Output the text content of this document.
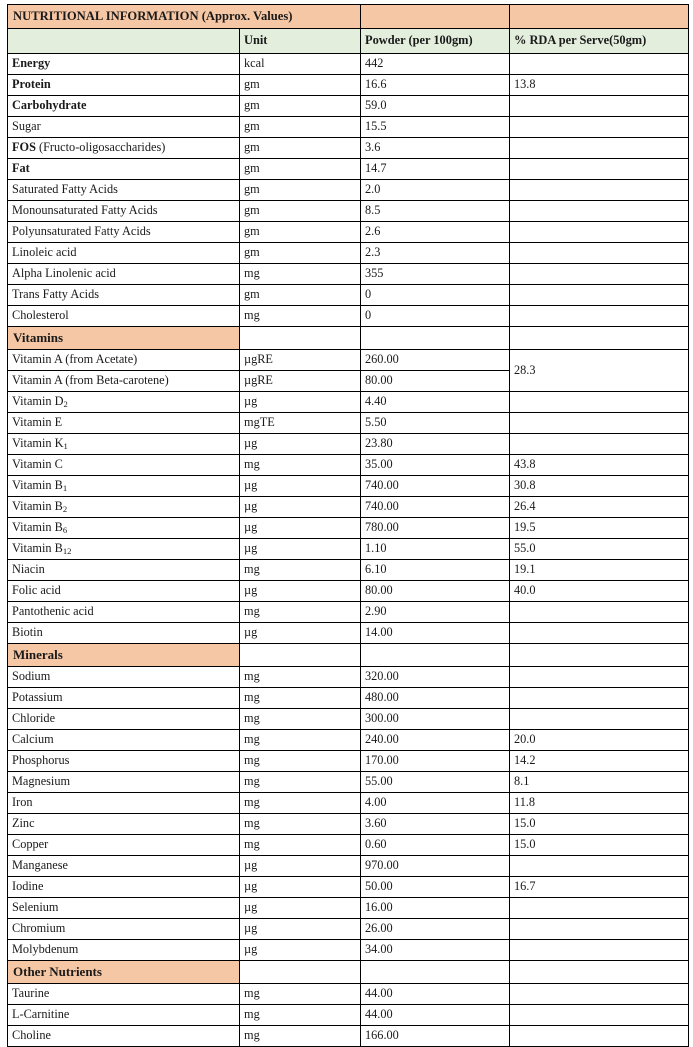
NUTRITIONAL INFORMATION (Approx. Values)			
	Unit	Powder (per 100gm)	% RDA per Serve(50gm)
Energy	kcal	442	
Protein	gm	16.6	13.8
Carbohydrate	gm	59.0	
Sugar	gm	15.5	
FOS (Fructo-oligosaccharides)	gm	3.6	
Fat	gm	14.7	
Saturated Fatty Acids	gm	2.0	
Monounsaturated Fatty Acids	gm	8.5	
Polyunsaturated Fatty Acids	gm	2.6	
Linoleic acid	gm	2.3	
Alpha Linolenic acid	mg	355	
Trans Fatty Acids	gm	0	
Cholesterol	mg	0	
Vitamins			
Vitamin A (from Acetate)	µgRE	260.00	28.3
Vitamin A (from Beta-carotene)	µgRE	80.00	
Vitamin $D_2$	µg	4.40	
Vitamin E	mgTE	5.50	
Vitamin $K_1$	µg	23.80	
Vitamin C	mg	35.00	43.8
Vitamin $B_1$	µg	740.00	30.8
Vitamin $B_2$	µg	740.00	26.4
Vitamin $B_6$	µg	780.00	19.5
Vitamin $B_{12}$	µg	1.10	55.0
Niacin	mg	6.10	19.1
Folic acid	µg	80.00	40.0
Pantothenic acid	mg	2.90	
Biotin	µg	14.00	
Minerals			
Sodium	mg	320.00	
Potassium	mg	480.00	
Chloride	mg	300.00	
Calcium	mg	240.00	20.0
Phosphorus	mg	170.00	14.2
Magnesium	mg	55.00	8.1
Iron	mg	4.00	11.8
Zinc	mg	3.60	15.0
Copper	mg	0.60	15.0
Manganese	µg	970.00	
Iodine	µg	50.00	16.7
Selenium	µg	16.00	
Chromium	µg	26.00	
Molybdenum	µg	34.00	
Other Nutrients			
Taurine	mg	44.00	
L-Carnitine	mg	44.00	
Choline	mg	166.00	
